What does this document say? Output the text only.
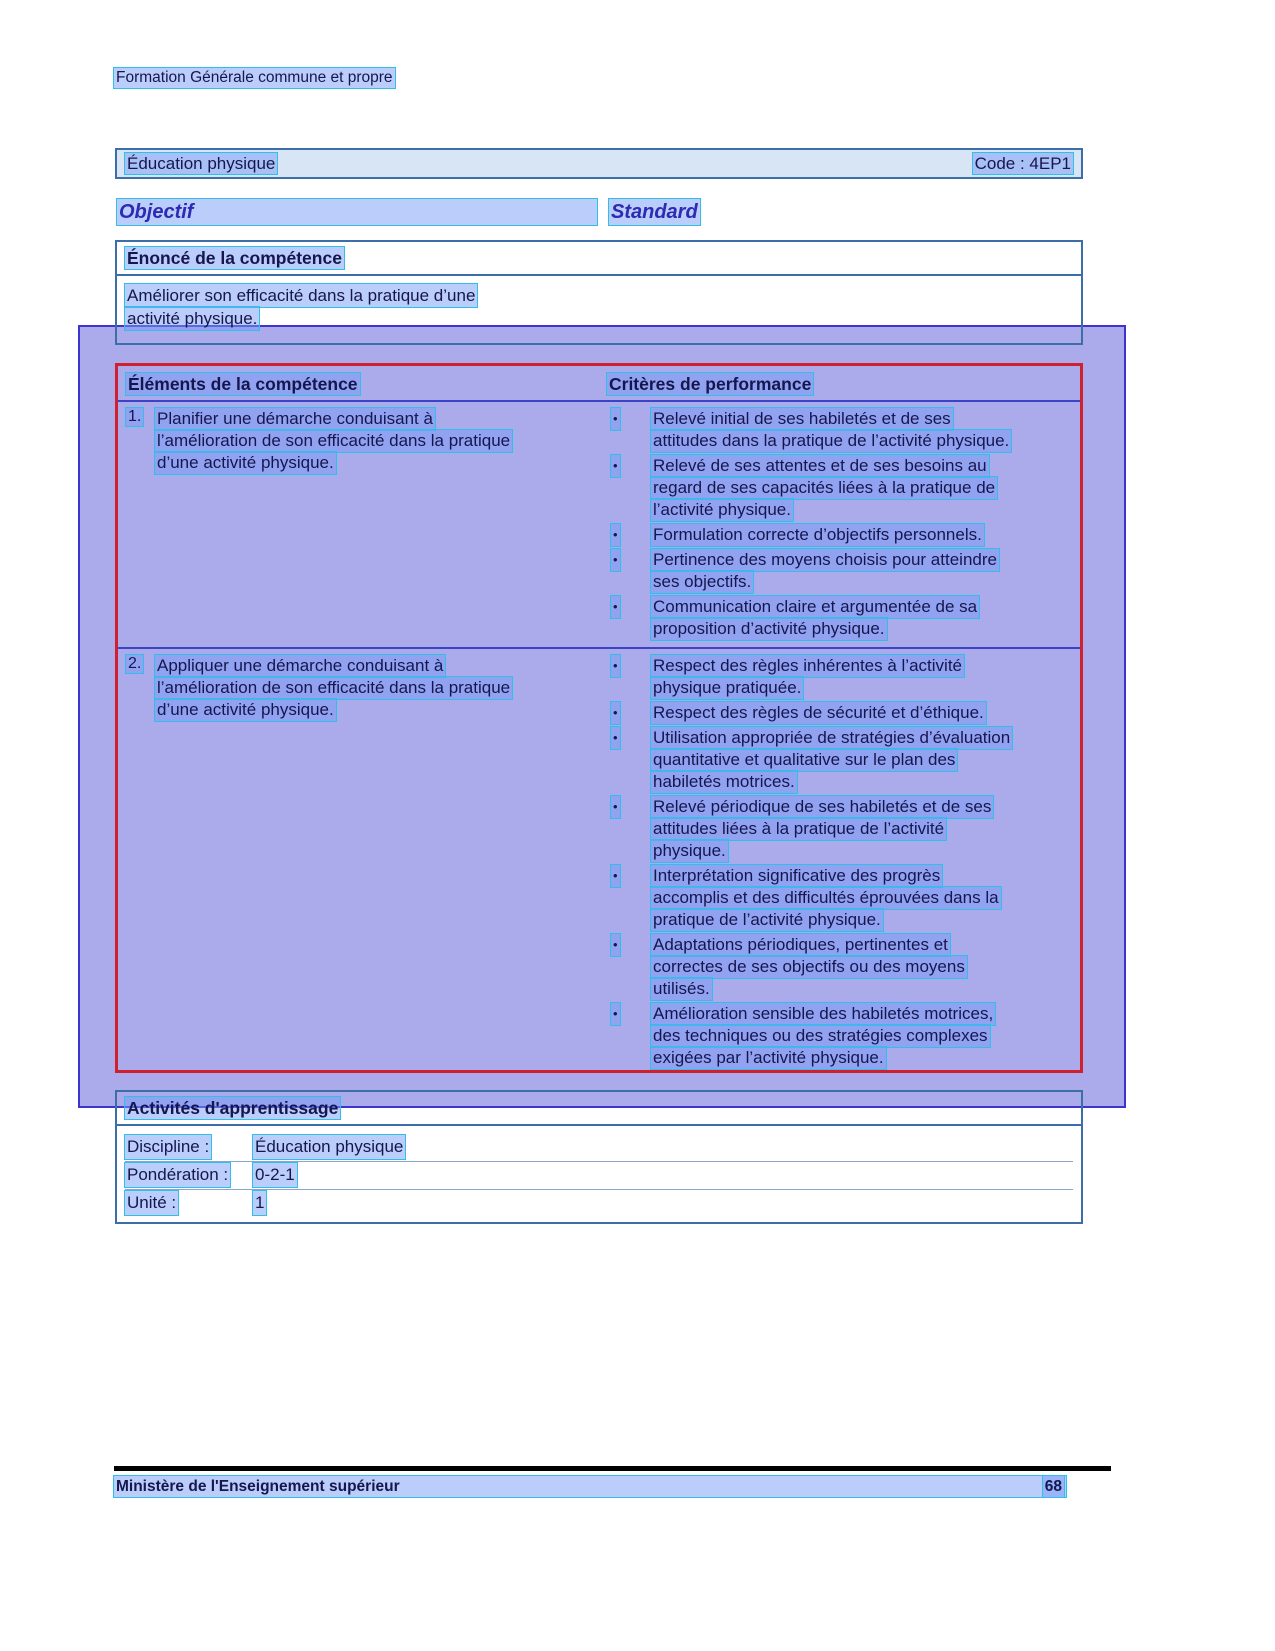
Formation Générale commune et propre
Éducation physique	Code : 4EP1
Objectif	Standard
Énoncé de la compétence
Améliorer son efficacité dans la pratique d’une
activité physique.
Éléments de la compétence	Critères de performance
1. Planifier une démarche conduisant à
l’amélioration de son efficacité dans la pratique
d’une activité physique.
•	Relevé initial de ses habiletés et de ses
attitudes dans la pratique de l’activité physique.
•	Relevé de ses attentes et de ses besoins au
regard de ses capacités liées à la pratique de
l’activité physique.
•	Formulation correcte d’objectifs personnels.
•	Pertinence des moyens choisis pour atteindre
ses objectifs.
•	Communication claire et argumentée de sa
proposition d’activité physique.
2. Appliquer une démarche conduisant à
l’amélioration de son efficacité dans la pratique
d’une activité physique.
•	Respect des règles inhérentes à l’activité
physique pratiquée.
•	Respect des règles de sécurité et d’éthique.
•	Utilisation appropriée de stratégies d’évaluation
quantitative et qualitative sur le plan des
habiletés motrices.
•	Relevé périodique de ses habiletés et de ses
attitudes liées à la pratique de l’activité
physique.
•	Interprétation significative des progrès
accomplis et des difficultés éprouvées dans la
pratique de l’activité physique.
•	Adaptations périodiques, pertinentes et
correctes de ses objectifs ou des moyens
utilisés.
•	Amélioration sensible des habiletés motrices,
des techniques ou des stratégies complexes
exigées par l’activité physique.
Activités d'apprentissage
Discipline :	Éducation physique
Pondération :	0-2-1
Unité :	1
Ministère de l'Enseignement supérieur	68
